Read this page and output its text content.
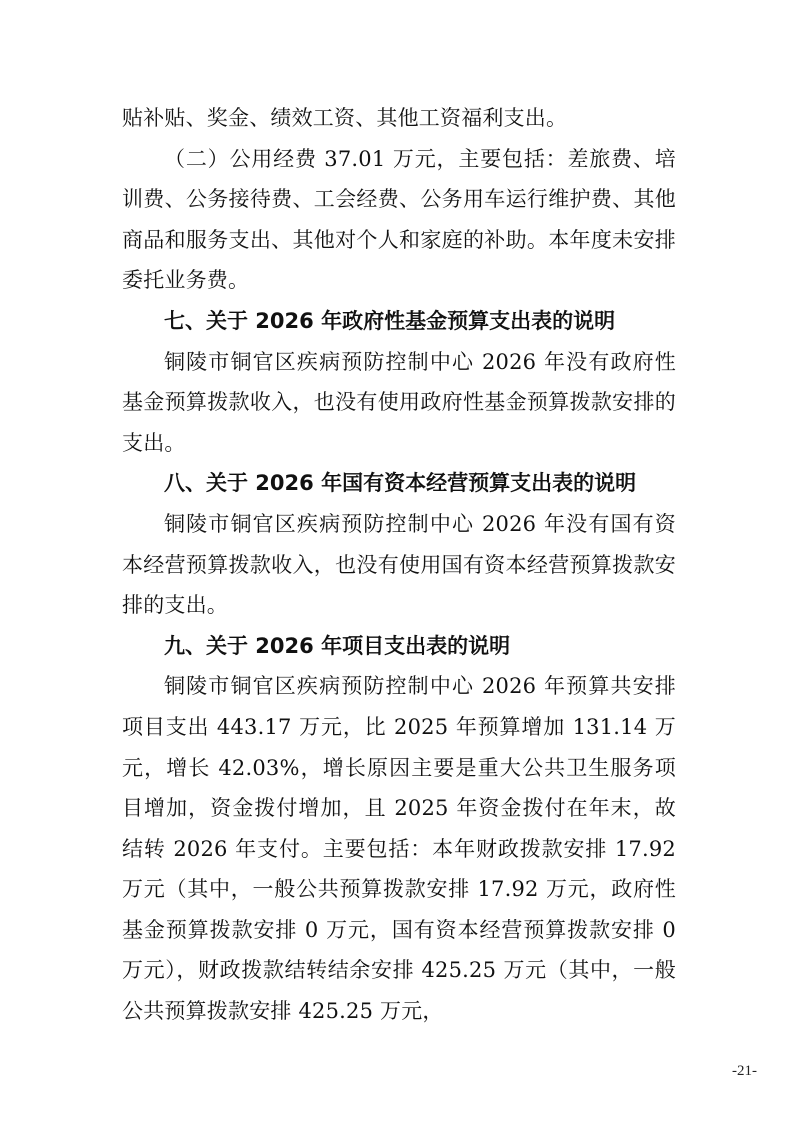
贴补贴、奖金、绩效工资、其他工资福利支出。

（二）公用经费 37.01 万元，主要包括：差旅费、培训费、公务接待费、工会经费、公务用车运行维护费、其他商品和服务支出、其他对个人和家庭的补助。本年度未安排委托业务费。

七、关于 2026 年政府性基金预算支出表的说明

铜陵市铜官区疾病预防控制中心 2026 年没有政府性基金预算拨款收入，也没有使用政府性基金预算拨款安排的支出。

八、关于 2026 年国有资本经营预算支出表的说明

铜陵市铜官区疾病预防控制中心 2026 年没有国有资本经营预算拨款收入，也没有使用国有资本经营预算拨款安排的支出。

九、关于 2026 年项目支出表的说明

铜陵市铜官区疾病预防控制中心 2026 年预算共安排项目支出 443.17 万元，比 2025 年预算增加 131.14 万元，增长 42.03%，增长原因主要是重大公共卫生服务项目增加，资金拨付增加，且 2025 年资金拨付在年末，故结转 2026 年支付。主要包括：本年财政拨款安排 17.92 万元（其中，一般公共预算拨款安排 17.92 万元，政府性基金预算拨款安排 0 万元，国有资本经营预算拨款安排 0 万元），财政拨款结转结余安排 425.25 万元（其中，一般公共预算拨款安排 425.25 万元，

-21-
